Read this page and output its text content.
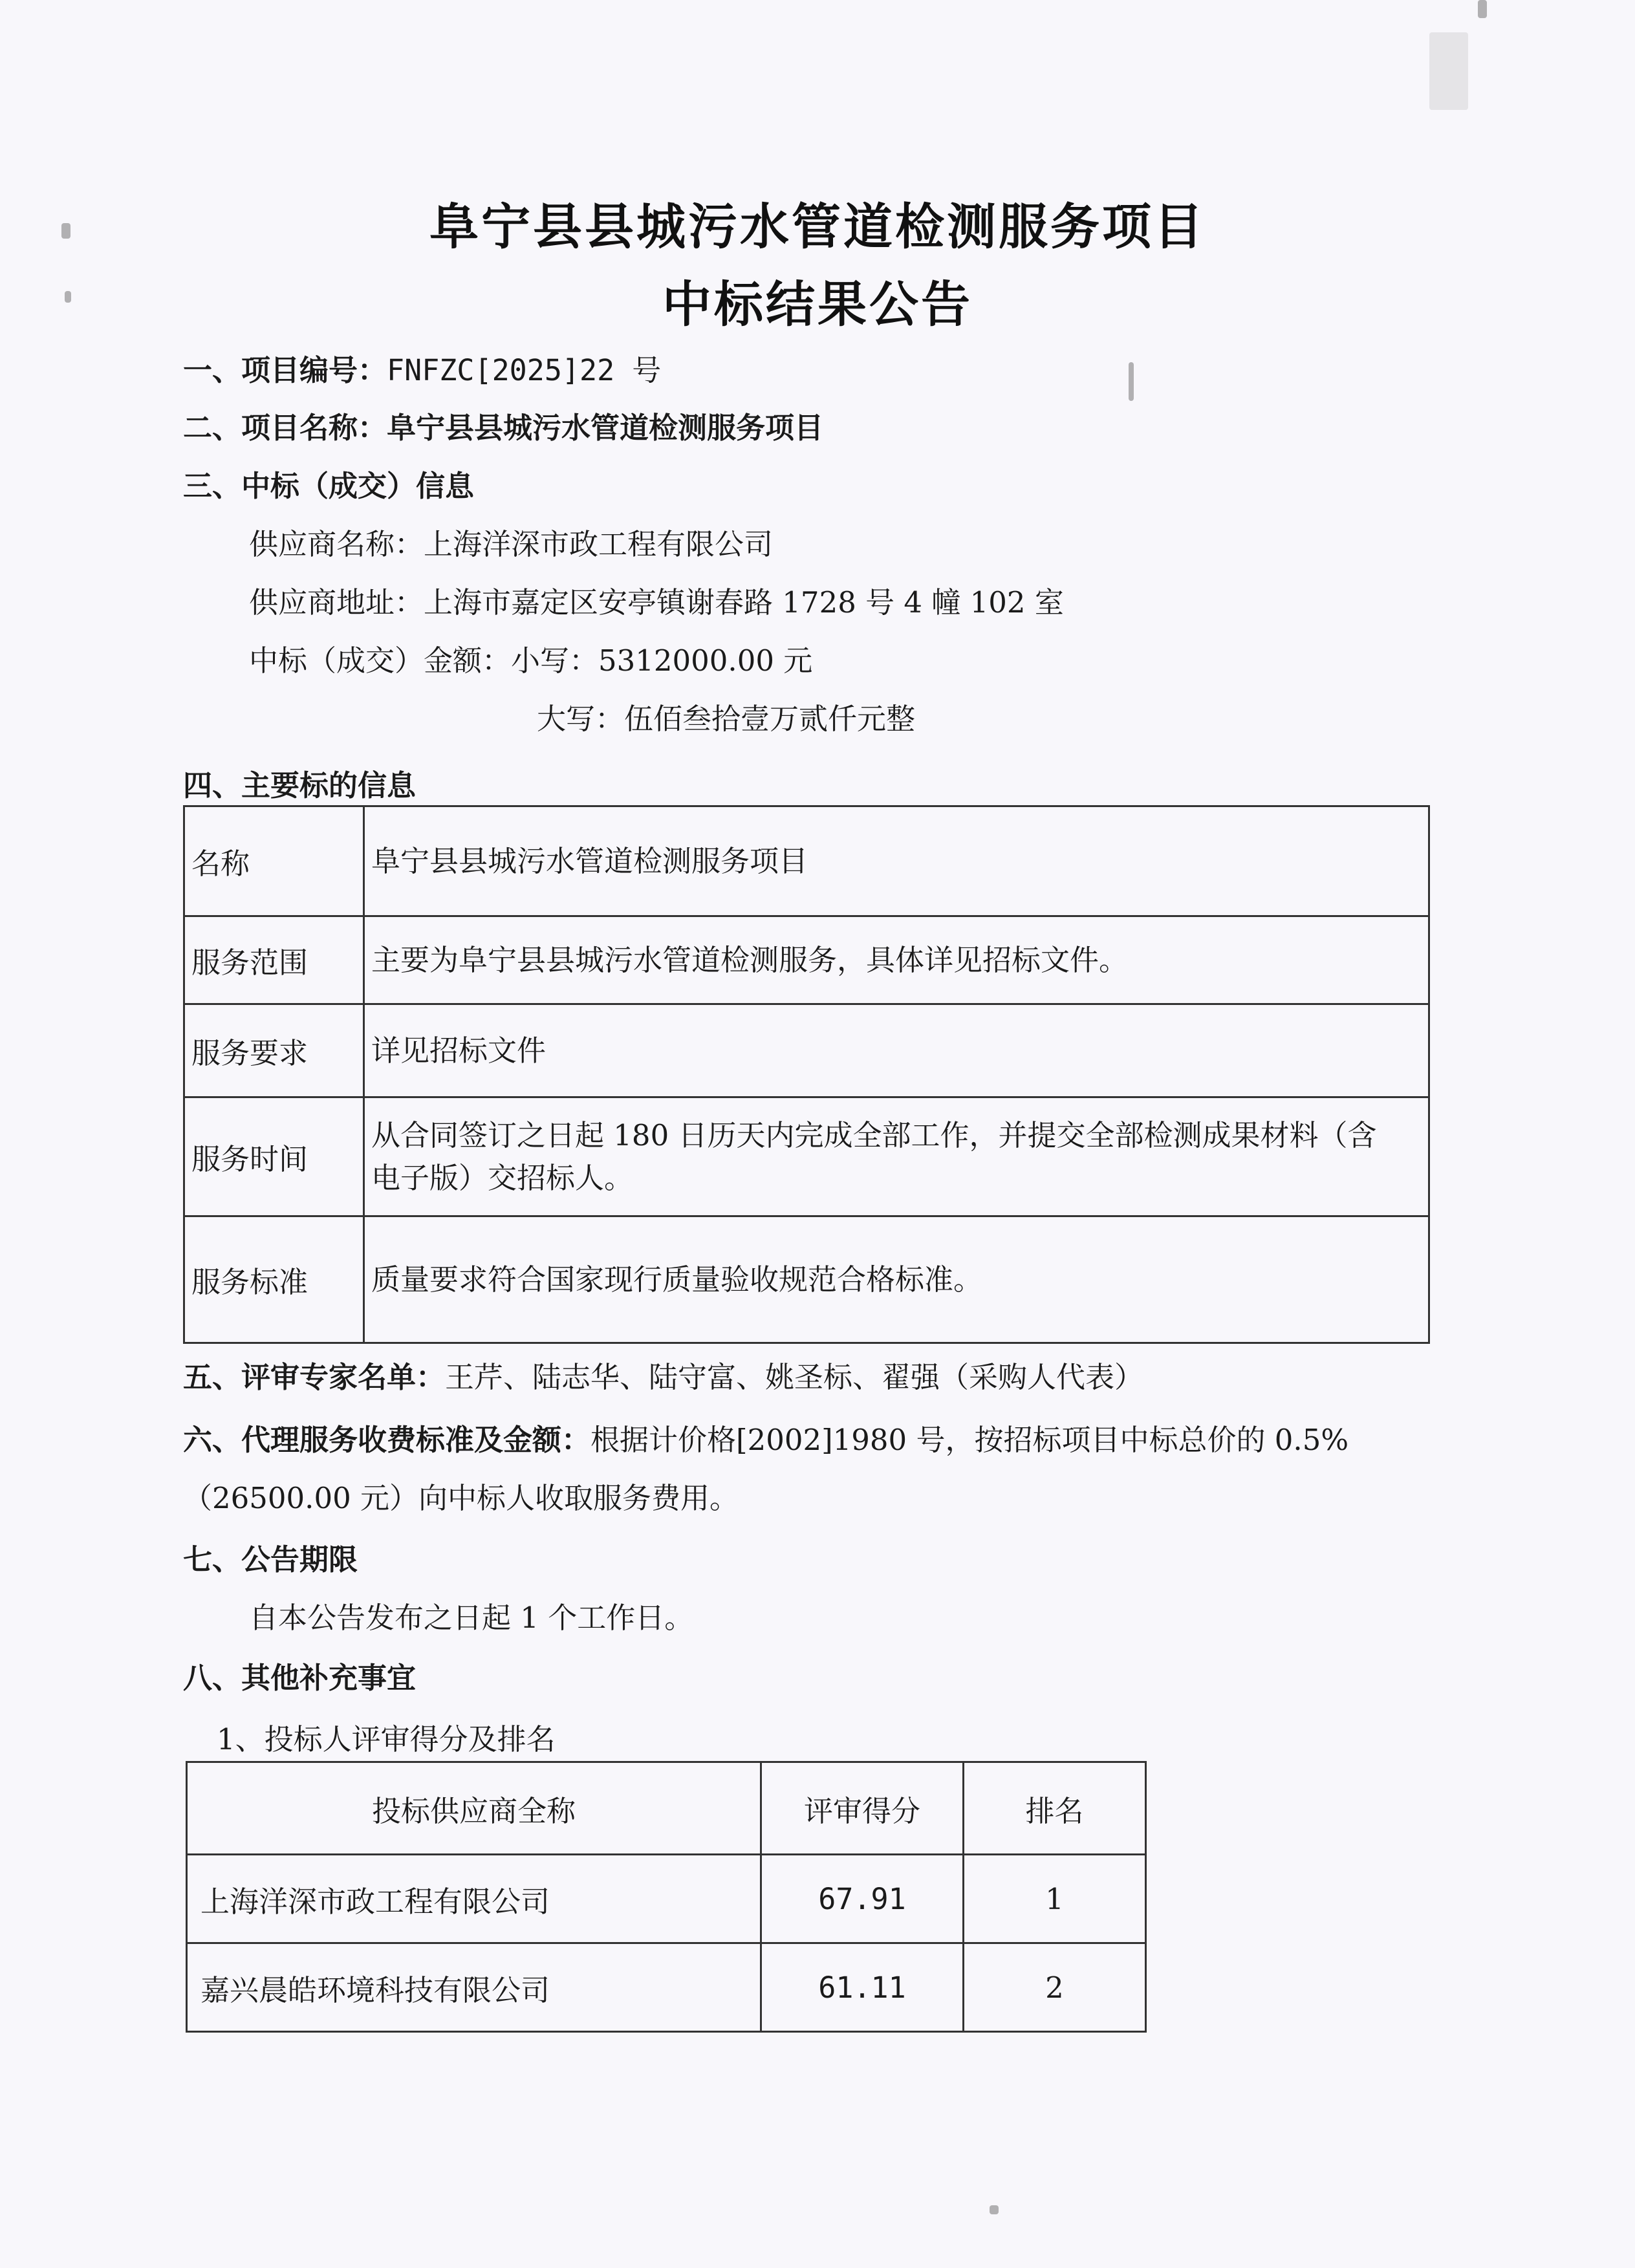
阜宁县县城污水管道检测服务项目
中标结果公告
一、项目编号：FNFZC[2025]22 号
二、项目名称：阜宁县县城污水管道检测服务项目
三、中标（成交）信息
供应商名称：上海洋深市政工程有限公司
供应商地址：上海市嘉定区安亭镇谢春路 1728 号 4 幢 102 室
中标（成交）金额：小写：5312000.00 元
大写：伍佰叁拾壹万贰仟元整
四、主要标的信息
名称	阜宁县县城污水管道检测服务项目
服务范围	主要为阜宁县县城污水管道检测服务，具体详见招标文件。
服务要求	详见招标文件
服务时间	从合同签订之日起 180 日历天内完成全部工作，并提交全部检测成果材料（含
电子版）交招标人。

服务标准	质量要求符合国家现行质量验收规范合格标准。
五、评审专家名单：王芹、陆志华、陆守富、姚圣标、翟强（采购人代表）
六、代理服务收费标准及金额：根据计价格[2002]1980 号，按招标项目中标总价的 0.5%
（26500.00 元）向中标人收取服务费用。
七、公告期限
自本公告发布之日起 1 个工作日。
八、其他补充事宜
1、投标人评审得分及排名
投标供应商全称	评审得分	排名
上海洋深市政工程有限公司	67.91	1
嘉兴晨皓环境科技有限公司	61.11	2
